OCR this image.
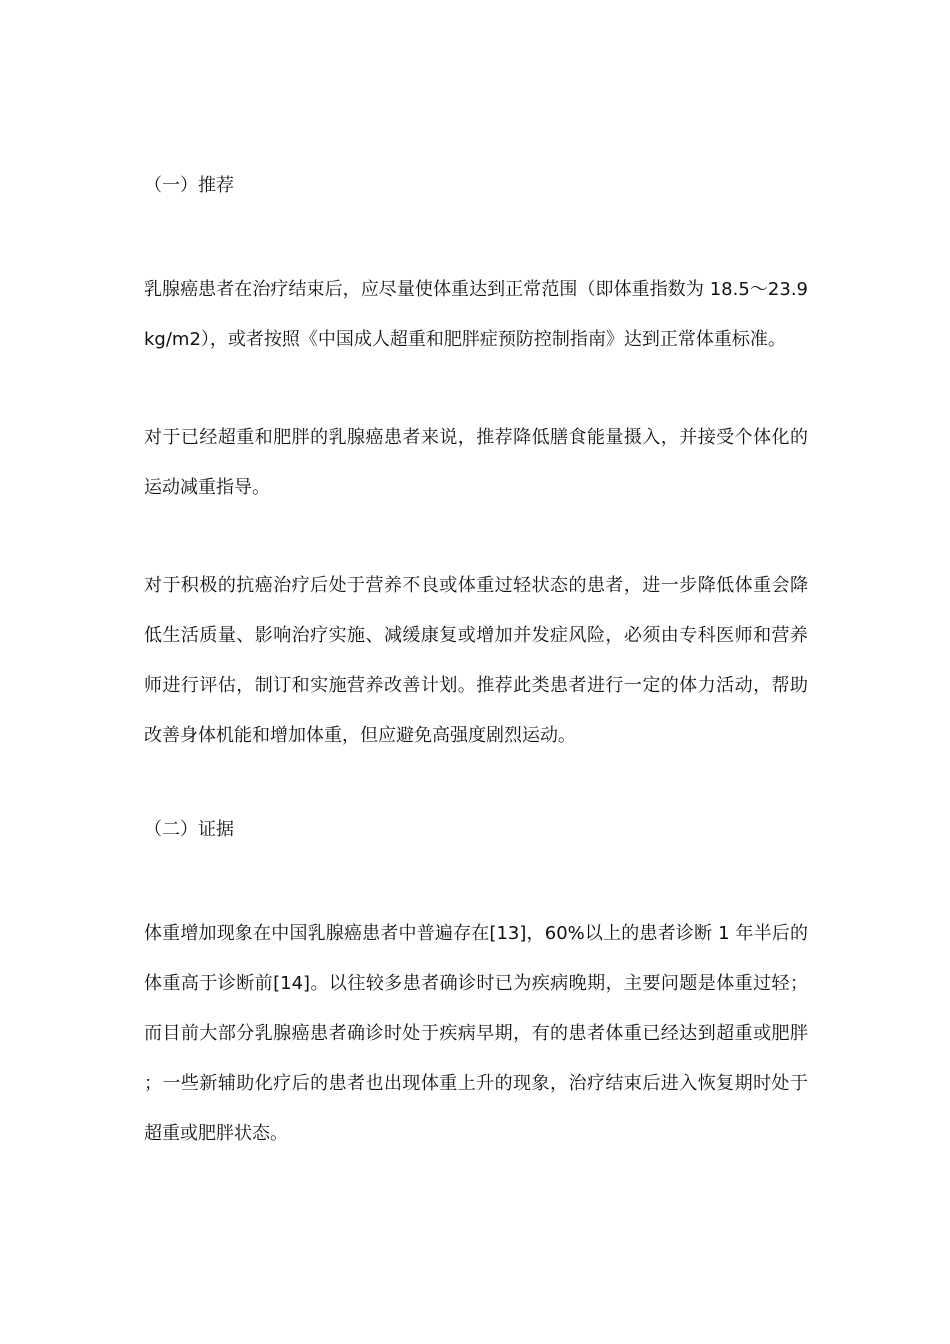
（一）推荐

乳腺癌患者在治疗结束后，应尽量使体重达到正常范围（即体重指数为 18.5～23.9 kg/m2），或者按照《中国成人超重和肥胖症预防控制指南》达到正常体重标准。

对于已经超重和肥胖的乳腺癌患者来说，推荐降低膳食能量摄入，并接受个体化的运动减重指导。

对于积极的抗癌治疗后处于营养不良或体重过轻状态的患者，进一步降低体重会降低生活质量、影响治疗实施、减缓康复或增加并发症风险，必须由专科医师和营养师进行评估，制订和实施营养改善计划。推荐此类患者进行一定的体力活动，帮助改善身体机能和增加体重，但应避免高强度剧烈运动。

（二）证据

体重增加现象在中国乳腺癌患者中普遍存在[13]，60%以上的患者诊断 1 年半后的体重高于诊断前[14]。以往较多患者确诊时已为疾病晚期，主要问题是体重过轻；而目前大部分乳腺癌患者确诊时处于疾病早期，有的患者体重已经达到超重或肥胖；一些新辅助化疗后的患者也出现体重上升的现象，治疗结束后进入恢复期时处于超重或肥胖状态。
